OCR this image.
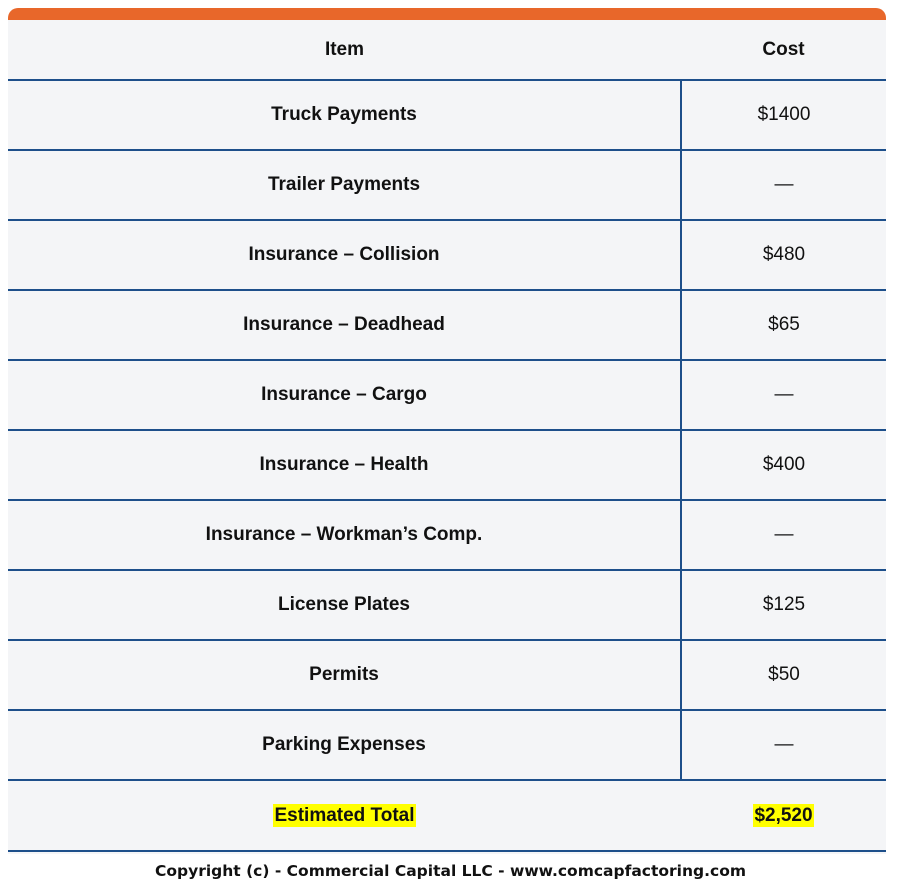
Item	Cost
Truck Payments	$1400
Trailer Payments	—
Insurance – Collision	$480
Insurance – Deadhead	$65
Insurance – Cargo	—
Insurance – Health	$400
Insurance – Workman’s Comp.	—
License Plates	$125
Permits	$50
Parking Expenses	—
Estimated Total	$2,520
Copyright (c) - Commercial Capital LLC - www.comcapfactoring.com
